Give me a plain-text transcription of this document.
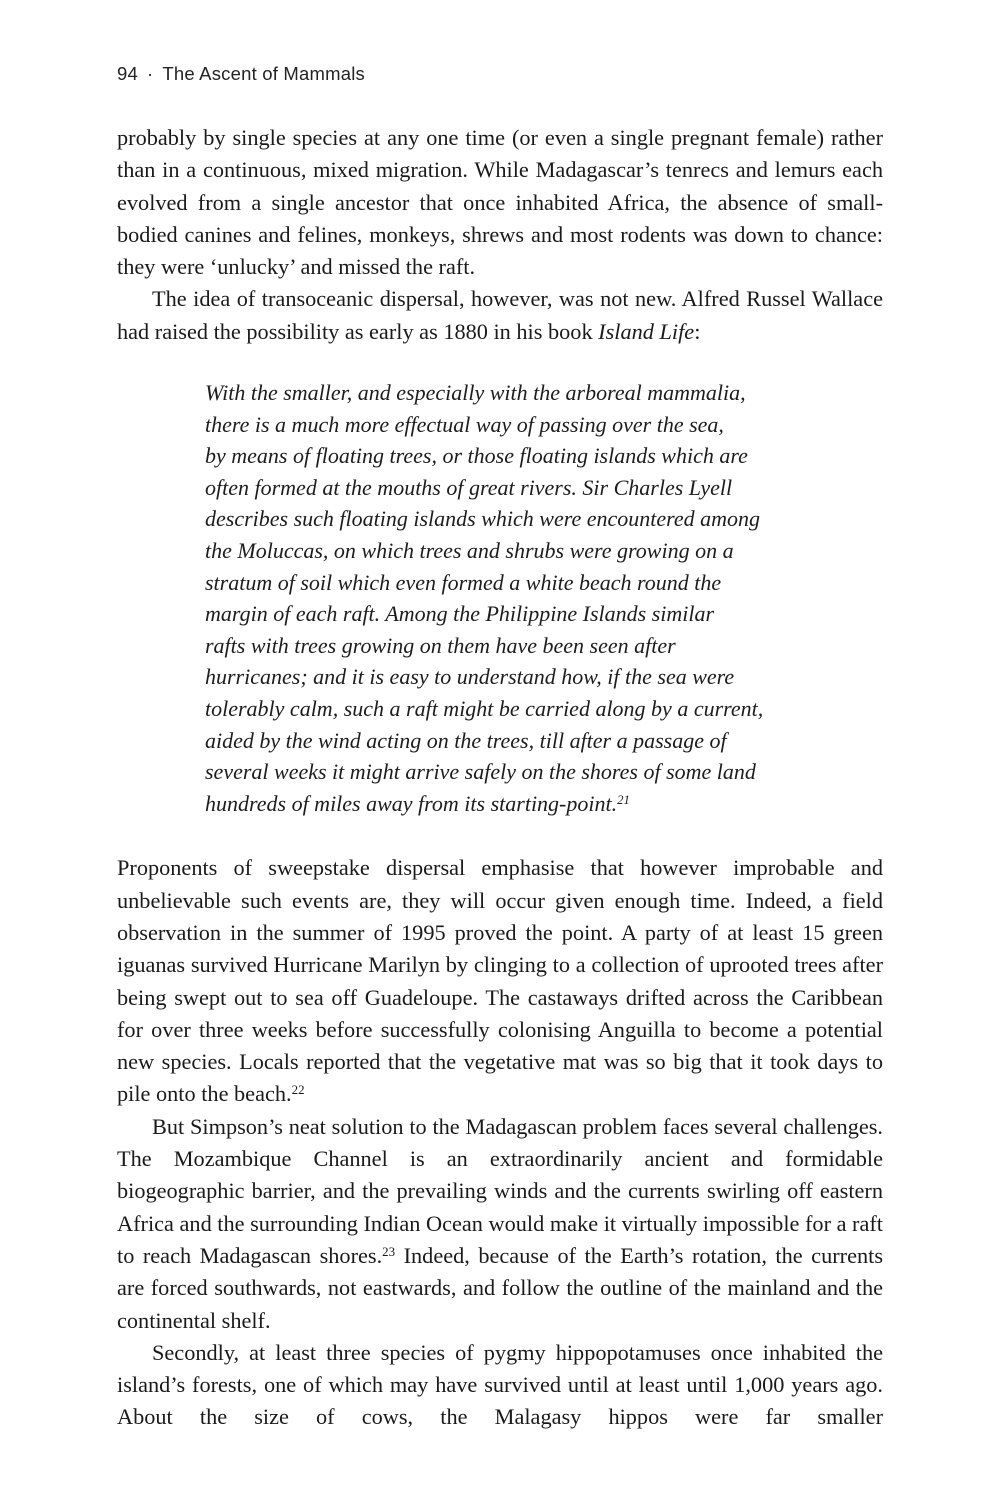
94 · The Ascent of Mammals

probably by single species at any one time (or even a single pregnant female) rather than in a continuous, mixed migration. While Madagascar’s tenrecs and lemurs each evolved from a single ancestor that once inhabited Africa, the absence of small-bodied canines and felines, monkeys, shrews and most rodents was down to chance: they were ‘unlucky’ and missed the raft.

The idea of transoceanic dispersal, however, was not new. Alfred Russel Wallace had raised the possibility as early as 1880 in his book Island Life:

With the smaller, and especially with the arboreal mammalia,
there is a much more effectual way of passing over the sea,
by means of floating trees, or those floating islands which are
often formed at the mouths of great rivers. Sir Charles Lyell
describes such floating islands which were encountered among
the Moluccas, on which trees and shrubs were growing on a
stratum of soil which even formed a white beach round the
margin of each raft. Among the Philippine Islands similar
rafts with trees growing on them have been seen after
hurricanes; and it is easy to understand how, if the sea were
tolerably calm, such a raft might be carried along by a current,
aided by the wind acting on the trees, till after a passage of
several weeks it might arrive safely on the shores of some land
hundreds of miles away from its starting-point.$^{21}$

Proponents of sweepstake dispersal emphasise that however improbable and unbelievable such events are, they will occur given enough time. Indeed, a field observation in the summer of 1995 proved the point. A party of at least 15 green iguanas survived Hurricane Marilyn by clinging to a collection of uprooted trees after being swept out to sea off Guadeloupe. The castaways drifted across the Caribbean for over three weeks before successfully colonising Anguilla to become a potential new species. Locals reported that the vegetative mat was so big that it took days to pile onto the beach.$^{22}$

But Simpson’s neat solution to the Madagascan problem faces several challenges. The Mozambique Channel is an extraordinarily ancient and formidable biogeographic barrier, and the prevailing winds and the currents swirling off eastern Africa and the surrounding Indian Ocean would make it virtually impossible for a raft to reach Madagascan shores.$^{23}$ Indeed, because of the Earth’s rotation, the currents are forced southwards, not eastwards, and follow the outline of the mainland and the continental shelf.

Secondly, at least three species of pygmy hippopotamuses once inhabited the island’s forests, one of which may have survived until at least until 1,000 years ago. About the size of cows, the Malagasy hippos were far smaller
